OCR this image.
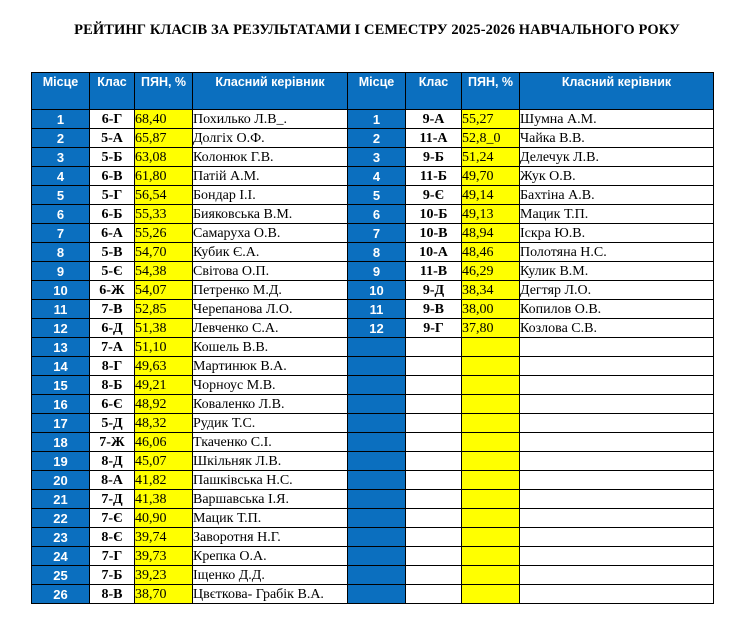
РЕЙТИНГ КЛАСІВ ЗА РЕЗУЛЬТАТАМИ І СЕМЕСТРУ 2025-2026 НАВЧАЛЬНОГО РОКУ
Місце	Клас	ПЯН, %	Класний керівник	Місце	Клас	ПЯН, %	Класний керівник
1	6-Г	68,40	Похилько Л.В_.	1	9-А	55,27	Шумна А.М.
2	5-А	65,87	Долгіх О.Ф.	2	11-А	52,8_0	Чайка В.В.
3	5-Б	63,08	Колонюк Г.В.	3	9-Б	51,24	Делечук Л.В.
4	6-В	61,80	Патій А.М.	4	11-Б	49,70	Жук О.В.
5	5-Г	56,54	Бондар І.І.	5	9-Є	49,14	Бахтіна А.В.
6	6-Б	55,33	Бияковська В.М.	6	10-Б	49,13	Мацик Т.П.
7	6-А	55,26	Самаруха О.В.	7	10-В	48,94	Іскра Ю.В.
8	5-В	54,70	Кубик Є.А.	8	10-А	48,46	Полотяна Н.С.
9	5-Є	54,38	Світова О.П.	9	11-В	46,29	Кулик В.М.
10	6-Ж	54,07	Петренко М.Д.	10	9-Д	38,34	Дегтяр Л.О.
11	7-В	52,85	Черепанова Л.О.	11	9-В	38,00	Копилов О.В.
12	6-Д	51,38	Левченко С.А.	12	9-Г	37,80	Козлова С.В.
13	7-А	51,10	Кошель В.В.				
14	8-Г	49,63	Мартинюк В.А.				
15	8-Б	49,21	Чорноус М.В.				
16	6-Є	48,92	Коваленко Л.В.				
17	5-Д	48,32	Рудик Т.С.				
18	7-Ж	46,06	Ткаченко С.І.				
19	8-Д	45,07	Шкільняк Л.В.				
20	8-А	41,82	Пашківська Н.С.				
21	7-Д	41,38	Варшавська І.Я.				
22	7-Є	40,90	Мацик Т.П.				
23	8-Є	39,74	Заворотня Н.Г.				
24	7-Г	39,73	Крепка О.А.				
25	7-Б	39,23	Іщенко Д.Д.				
26	8-В	38,70	Цвєткова- Грабік В.А.				
